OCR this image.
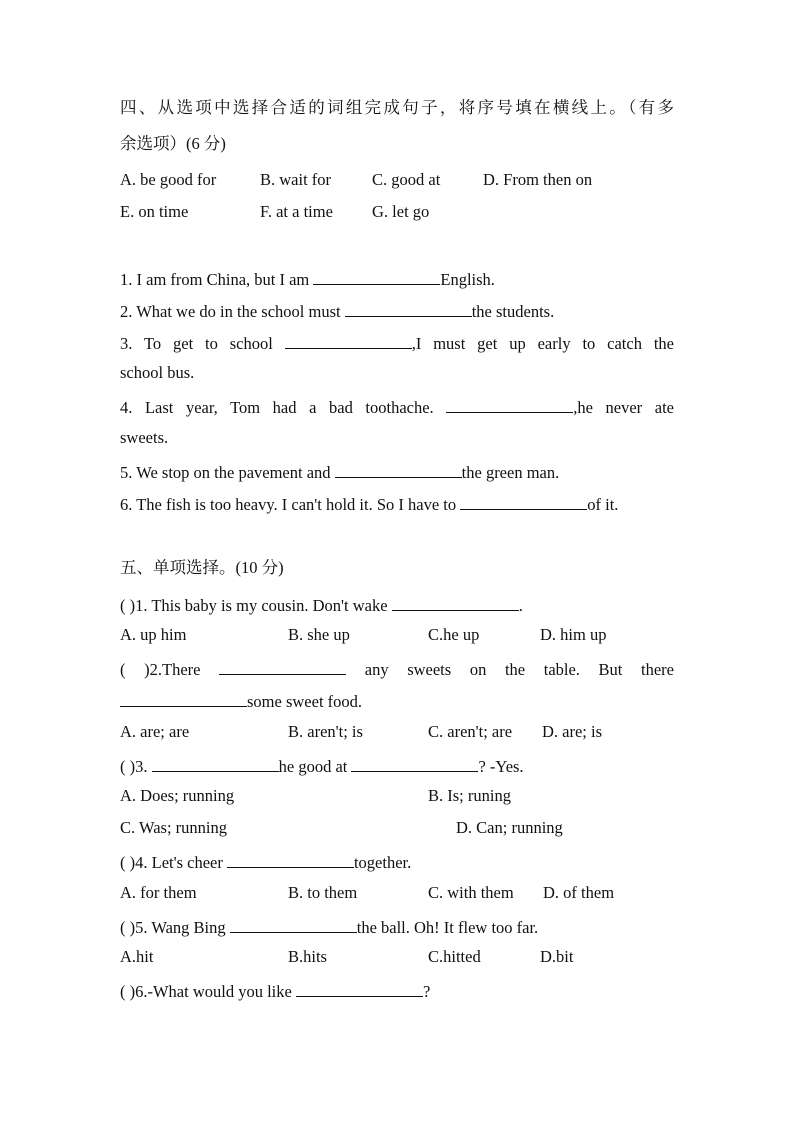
四、从选项中选择合适的词组完成句子，将序号填在横线上。（有多
余选项）(6 分)
A. be good for	B. wait for C. good at	D. From then on
E. on time	F. at a time G. let go
1. I am from China, but I am	English.
2. What we do in the school must	the students.
3. To get to school	,I must get up early to catch the
school bus.
4. Last year, Tom had a bad toothache.	,he never ate
sweets.
5. We stop on the pavement and	the green man.
6. The fish is too heavy. I can't hold it. So I have to	of it.
五、单项选择。(10 分)
( )1. This baby is my cousin. Don't wake	.
A. up him	B. she up	C.he up	D. him up
( )2.There	any sweets on the table. But there
some sweet food.
A. are; are	B. aren't; is	C. aren't; are D. are; is
( )3.	he good at	? -Yes.
A. Does; running	B. Is; runing
C. Was; running	D. Can; running
( )4. Let's cheer	together.
A. for them	B. to them	C. with them D. of them
( )5. Wang Bing	the ball. Oh! It flew too far.
A.hit	B.hits	C.hitted	D.bit
( )6.-What would you like	?
